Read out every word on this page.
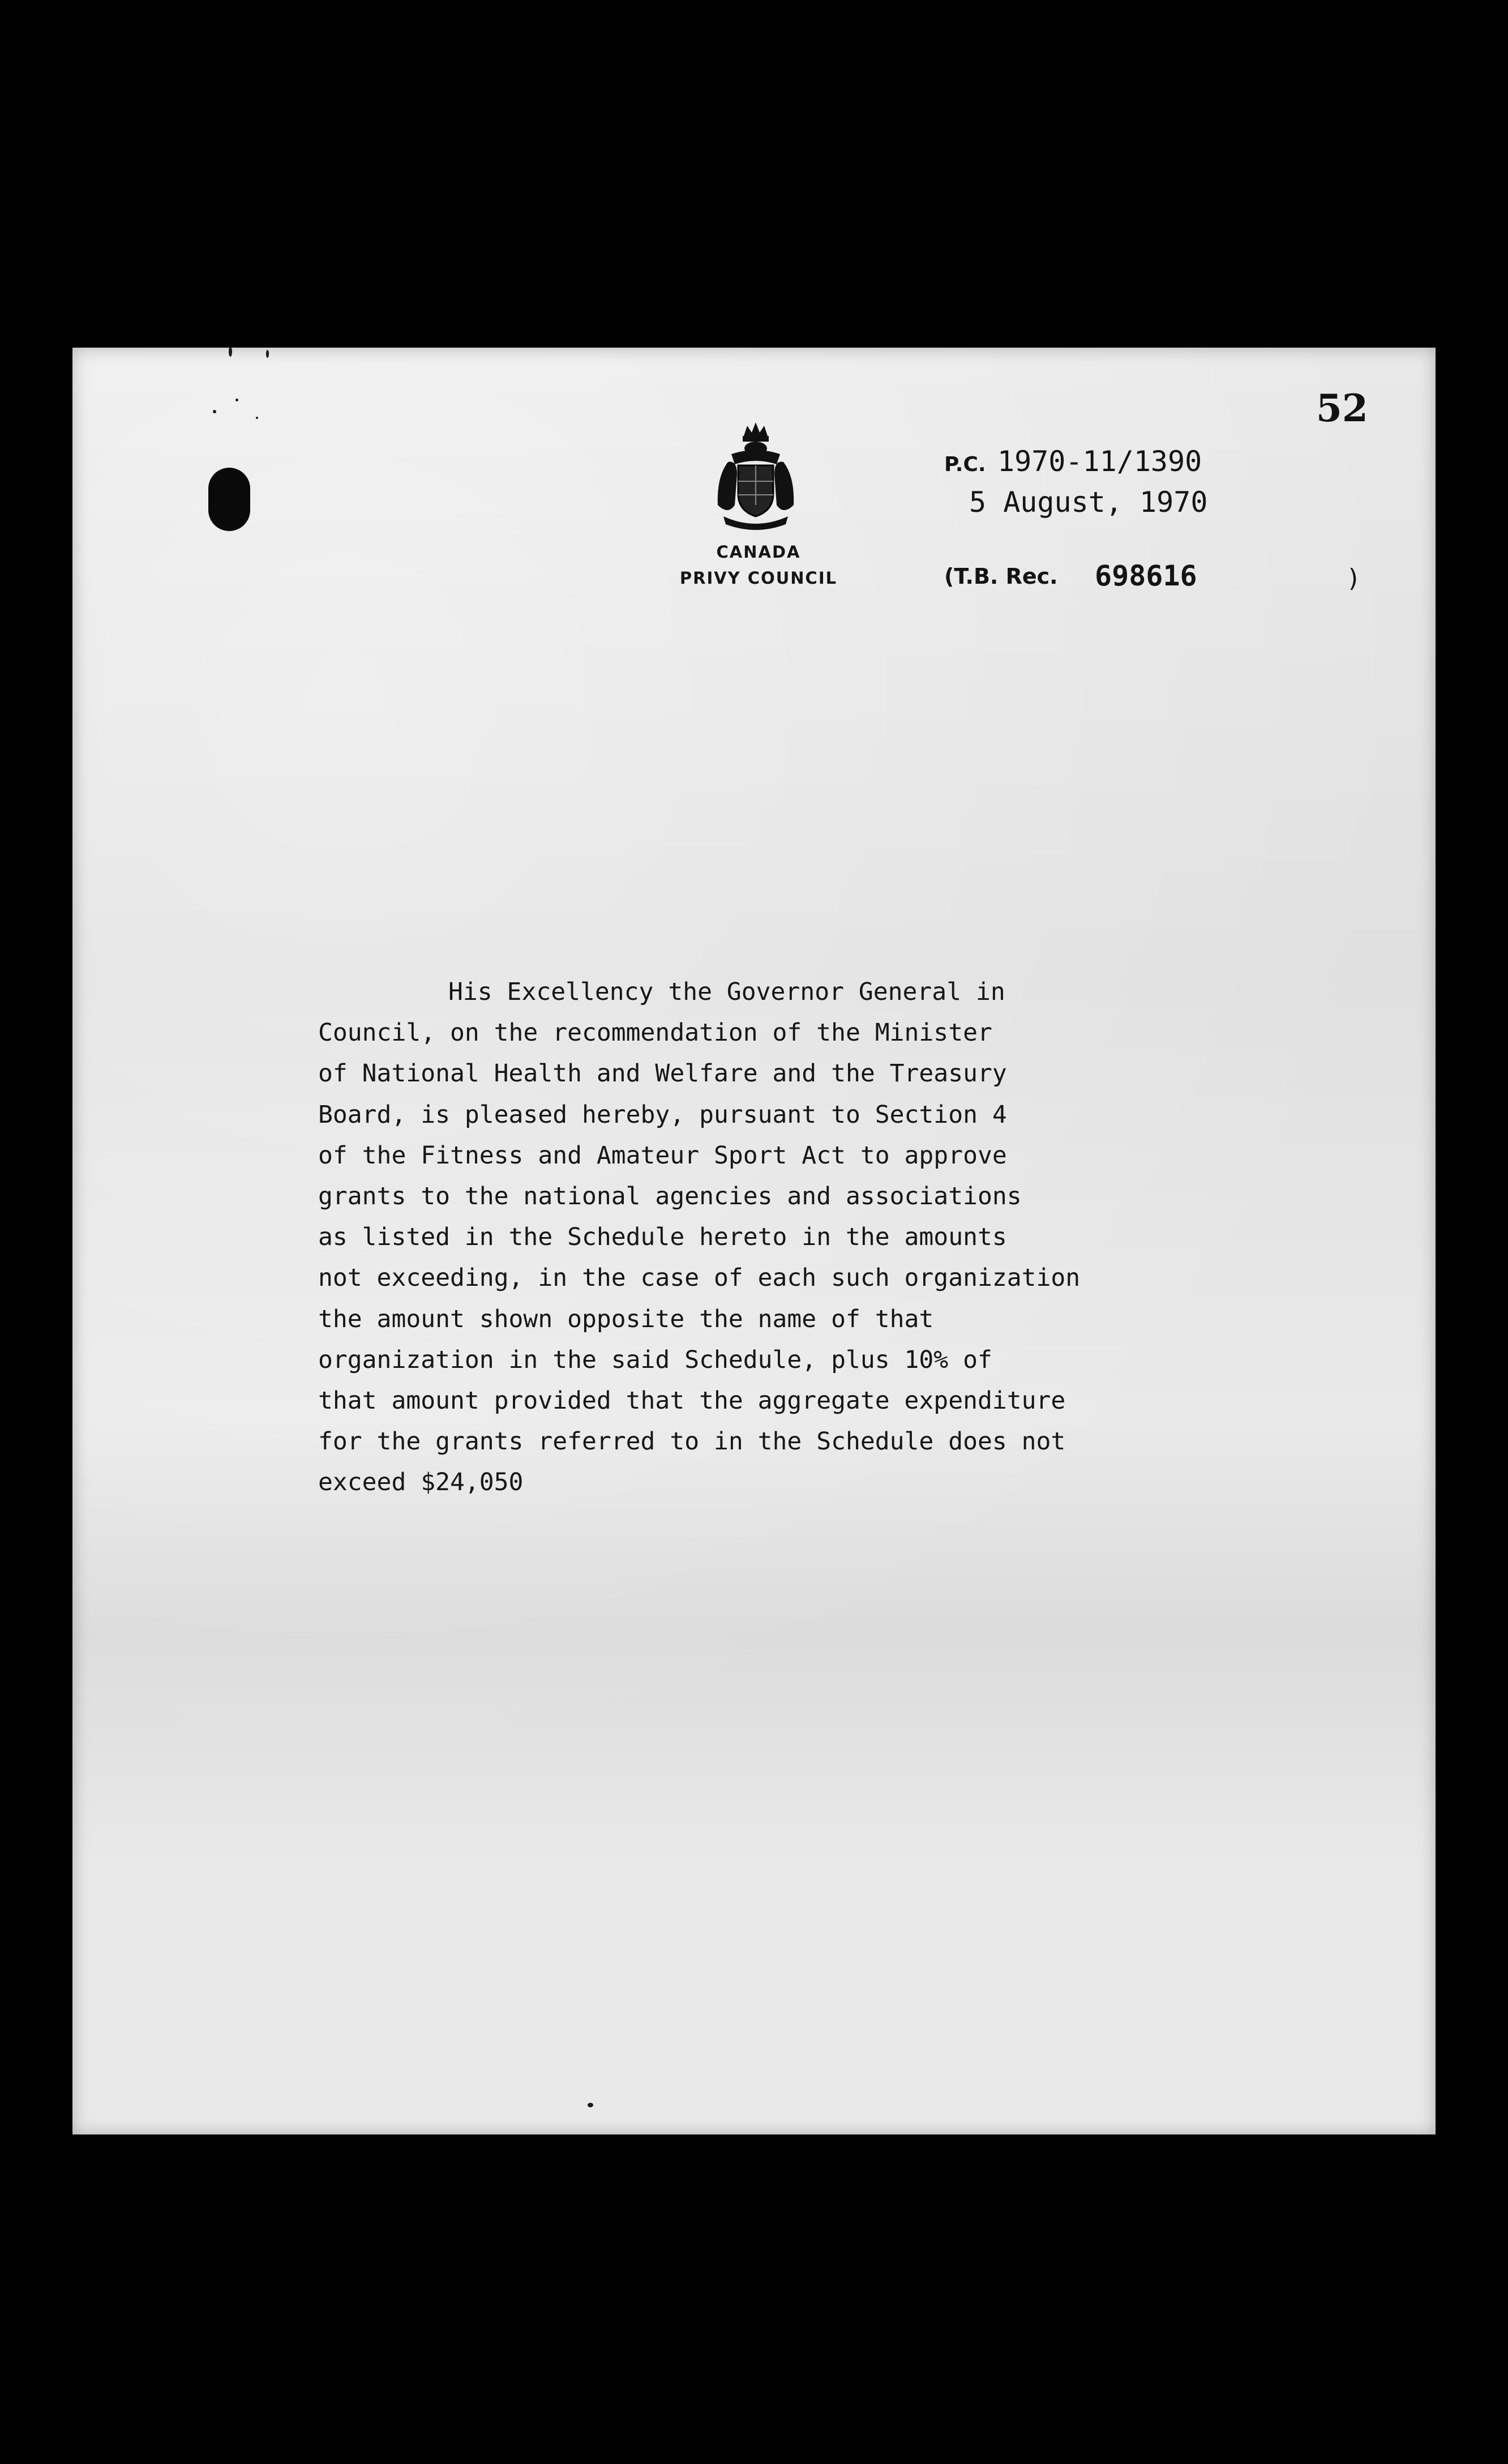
52
CANADA
PRIVY COUNCIL
P.C. 1970-11/1390
5 August, 1970
(T.B. Rec. 698616	)
His Excellency the Governor General in
Council, on the recommendation of the Minister
of National Health and Welfare and the Treasury
Board, is pleased hereby, pursuant to Section 4
of the Fitness and Amateur Sport Act to approve
grants to the national agencies and associations
as listed in the Schedule hereto in the amounts
not exceeding, in the case of each such organization
the amount shown opposite the name of that
organization in the said Schedule, plus 10% of
that amount provided that the aggregate expenditure
for the grants referred to in the Schedule does not
exceed $24,050
